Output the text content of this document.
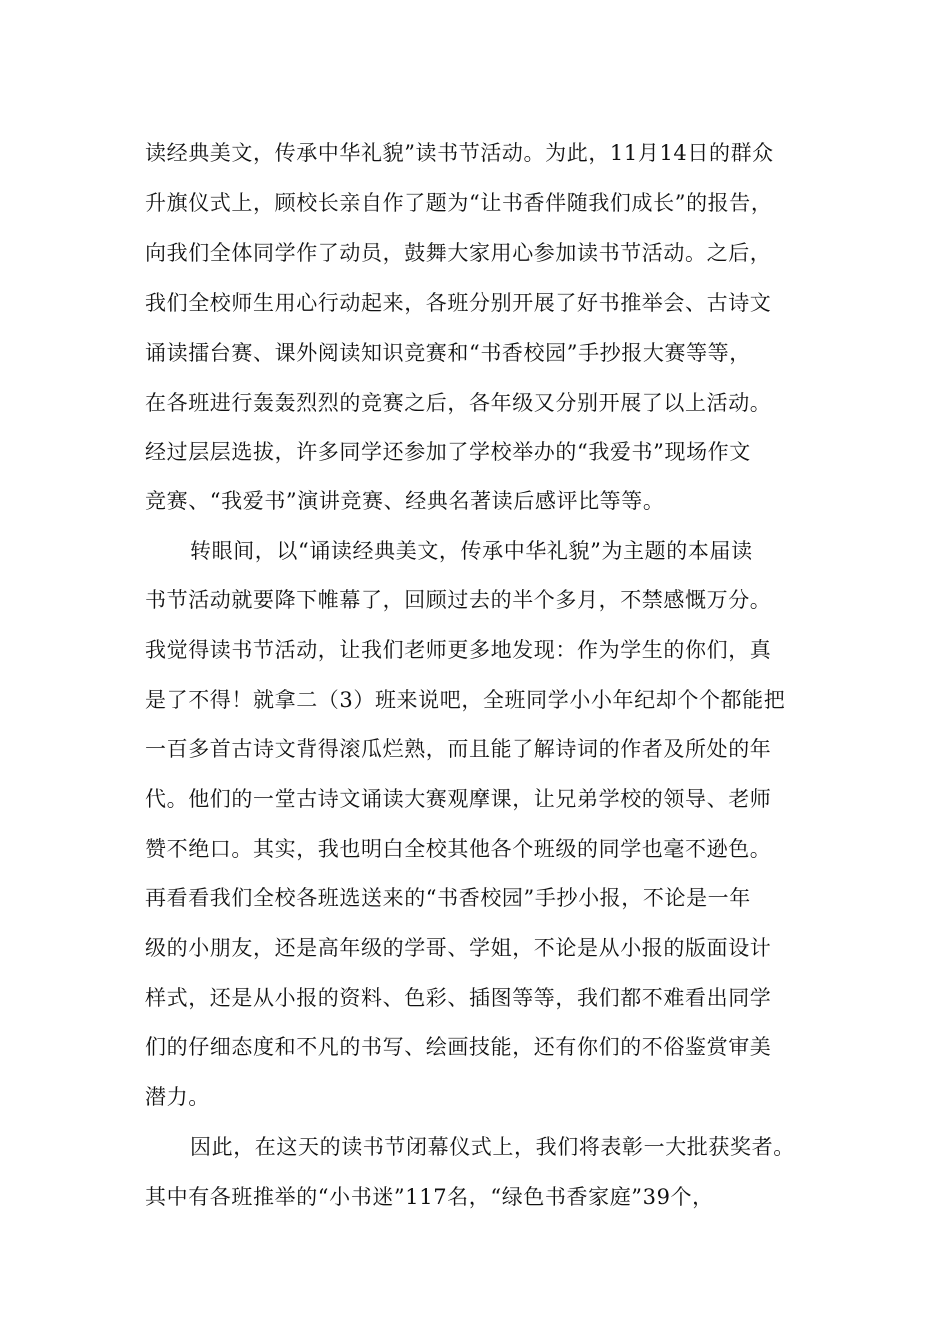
读经典美文，传承中华礼貌”读书节活动。为此，11月14日的群众
升旗仪式上，顾校长亲自作了题为“让书香伴随我们成长”的报告，
向我们全体同学作了动员，鼓舞大家用心参加读书节活动。之后，
我们全校师生用心行动起来，各班分别开展了好书推举会、古诗文
诵读擂台赛、课外阅读知识竞赛和“书香校园”手抄报大赛等等，
在各班进行轰轰烈烈的竞赛之后，各年级又分别开展了以上活动。
经过层层选拔，许多同学还参加了学校举办的“我爱书”现场作文
竞赛、“我爱书”演讲竞赛、经典名著读后感评比等等。
转眼间，以“诵读经典美文，传承中华礼貌”为主题的本届读
书节活动就要降下帷幕了，回顾过去的半个多月，不禁感慨万分。
我觉得读书节活动，让我们老师更多地发现：作为学生的你们，真
是了不得！就拿二（3）班来说吧，全班同学小小年纪却个个都能把
一百多首古诗文背得滚瓜烂熟，而且能了解诗词的作者及所处的年
代。他们的一堂古诗文诵读大赛观摩课，让兄弟学校的领导、老师
赞不绝口。其实，我也明白全校其他各个班级的同学也毫不逊色。
再看看我们全校各班选送来的“书香校园”手抄小报，不论是一年
级的小朋友，还是高年级的学哥、学姐，不论是从小报的版面设计
样式，还是从小报的资料、色彩、插图等等，我们都不难看出同学
们的仔细态度和不凡的书写、绘画技能，还有你们的不俗鉴赏审美
潜力。
因此，在这天的读书节闭幕仪式上，我们将表彰一大批获奖者。
其中有各班推举的“小书迷”117名，“绿色书香家庭”39个，
